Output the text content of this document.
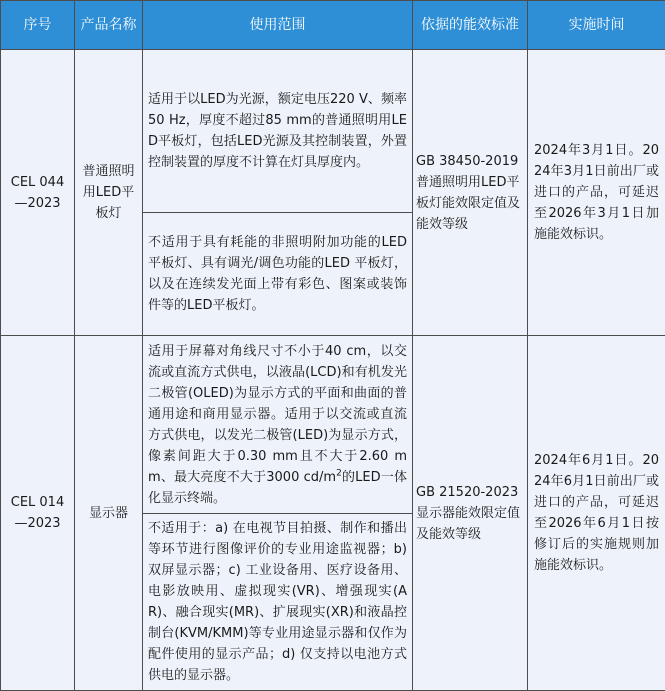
序号	产品名称	使用范围	依据的能效标准	实施时间
CEL 044—2023	普通照明用LED平板灯	适用于以LED为光源，额定电压220 V、频率50 Hz，厚度不超过85 mm的普通照明用LED平板灯，包括LED光源及其控制装置，外置控制装置的厚度不计算在灯具厚度内。	GB 38450-2019 普通照明用LED平板灯能效限定值及能效等级	2024年3月1日。2024年3月1日前出厂或进口的产品，可延迟至2026年3月1日加施能效标识。
		不适用于具有耗能的非照明附加功能的LED平板灯、具有调光/调色功能的LED 平板灯，以及在连续发光面上带有彩色、图案或装饰件等的LED平板灯。		
CEL 014—2023	显示器	适用于屏幕对角线尺寸不小于40 cm，以交流或直流方式供电，以液晶(LCD)和有机发光二极管(OLED)为显示方式的平面和曲面的普通用途和商用显示器。适用于以交流或直流方式供电，以发光二极管(LED)为显示方式，像素间距大于0.30 mm且不大于2.60 mm、最大亮度不大于3000 $cd/m^2$的LED一体化显示终端。	GB 21520-2023 显示器能效限定值及能效等级	2024年6月1日。2024年6月1日前出厂或进口的产品，可延迟至2026年6月1日按修订后的实施规则加施能效标识。
		不适用于：a) 在电视节目拍摄、制作和播出等环节进行图像评价的专业用途监视器；b) 双屏显示器；c) 工业设备用、医疗设备用、电影放映用、虚拟现实(VR)、增强现实(AR)、融合现实(MR)、扩展现实(XR)和液晶控制台(KVM/KMM)等专业用途显示器和仅作为配件使用的显示产品；d) 仅支持以电池方式供电的显示器。		
